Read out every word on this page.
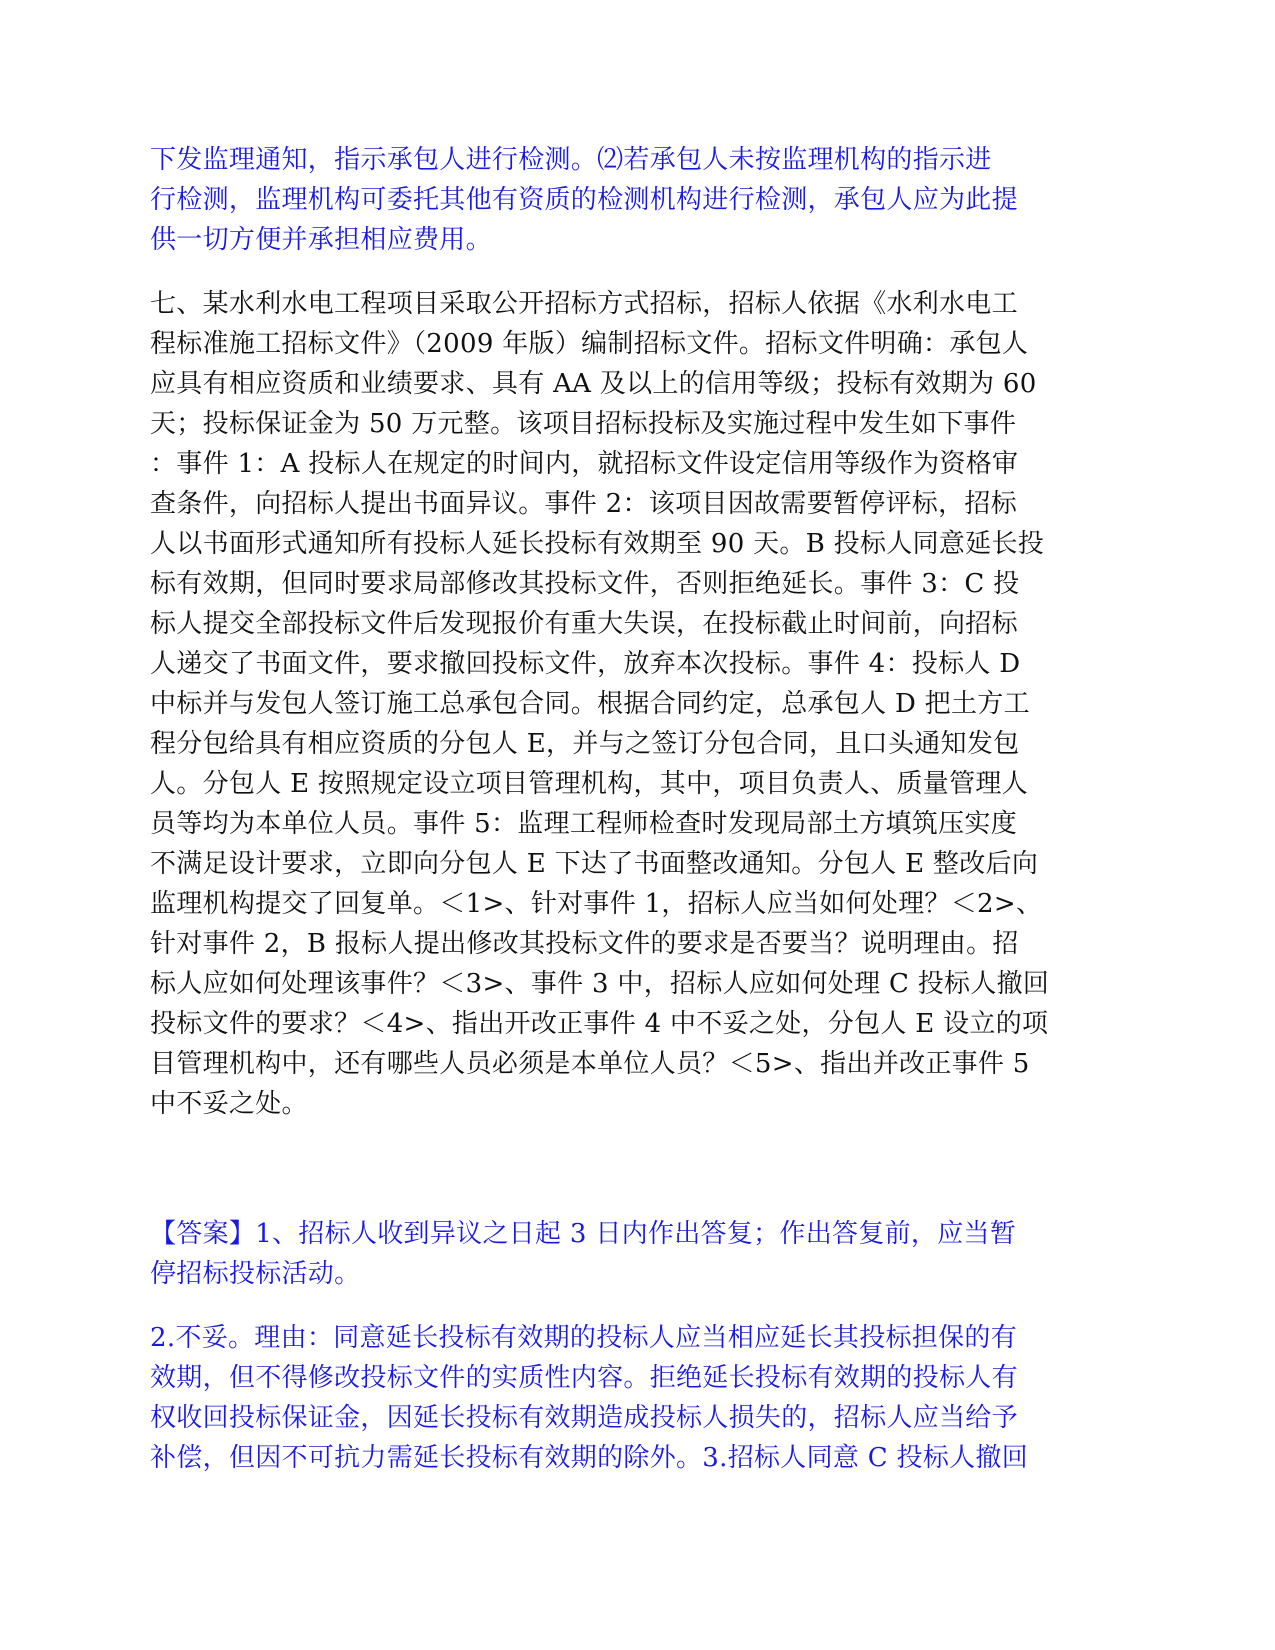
下发监理通知，指示承包人进行检测。⑵若承包人未按监理机构的指示进
行检测，监理机构可委托其他有资质的检测机构进行检测，承包人应为此提
供一切方便并承担相应费用。

七、某水利水电工程项目采取公开招标方式招标，招标人依据《水利水电工
程标准施工招标文件》（2009 年版）编制招标文件。招标文件明确：承包人
应具有相应资质和业绩要求、具有 AA 及以上的信用等级；投标有效期为 60
天；投标保证金为 50 万元整。该项目招标投标及实施过程中发生如下事件
：事件 1：A 投标人在规定的时间内，就招标文件设定信用等级作为资格审
查条件，向招标人提出书面异议。事件 2：该项目因故需要暂停评标，招标
人以书面形式通知所有投标人延长投标有效期至 90 天。B 投标人同意延长投
标有效期，但同时要求局部修改其投标文件，否则拒绝延长。事件 3：C 投
标人提交全部投标文件后发现报价有重大失误，在投标截止时间前，向招标
人递交了书面文件，要求撤回投标文件，放弃本次投标。事件 4：投标人 D
中标并与发包人签订施工总承包合同。根据合同约定，总承包人 D 把土方工
程分包给具有相应资质的分包人 E，并与之签订分包合同，且口头通知发包
人。分包人 E 按照规定设立项目管理机构，其中，项目负责人、质量管理人
员等均为本单位人员。事件 5：监理工程师检查时发现局部土方填筑压实度
不满足设计要求，立即向分包人 E 下达了书面整改通知。分包人 E 整改后向
监理机构提交了回复单。＜1>、针对事件 1，招标人应当如何处理？＜2>、
针对事件 2，B 报标人提出修改其投标文件的要求是否要当？说明理由。招
标人应如何处理该事件？＜3>、事件 3 中，招标人应如何处理 C 投标人撤回
投标文件的要求？＜4>、指出开改正事件 4 中不妥之处，分包人 E 设立的项
目管理机构中，还有哪些人员必须是本单位人员？＜5>、指出并改正事件 5
中不妥之处。

【答案】1、招标人收到异议之日起 3 日内作出答复；作出答复前，应当暂
停招标投标活动。

2.不妥。理由：同意延长投标有效期的投标人应当相应延长其投标担保的有
效期，但不得修改投标文件的实质性内容。拒绝延长投标有效期的投标人有
权收回投标保证金，因延长投标有效期造成投标人损失的，招标人应当给予
补偿，但因不可抗力需延长投标有效期的除外。3.招标人同意 C 投标人撤回
